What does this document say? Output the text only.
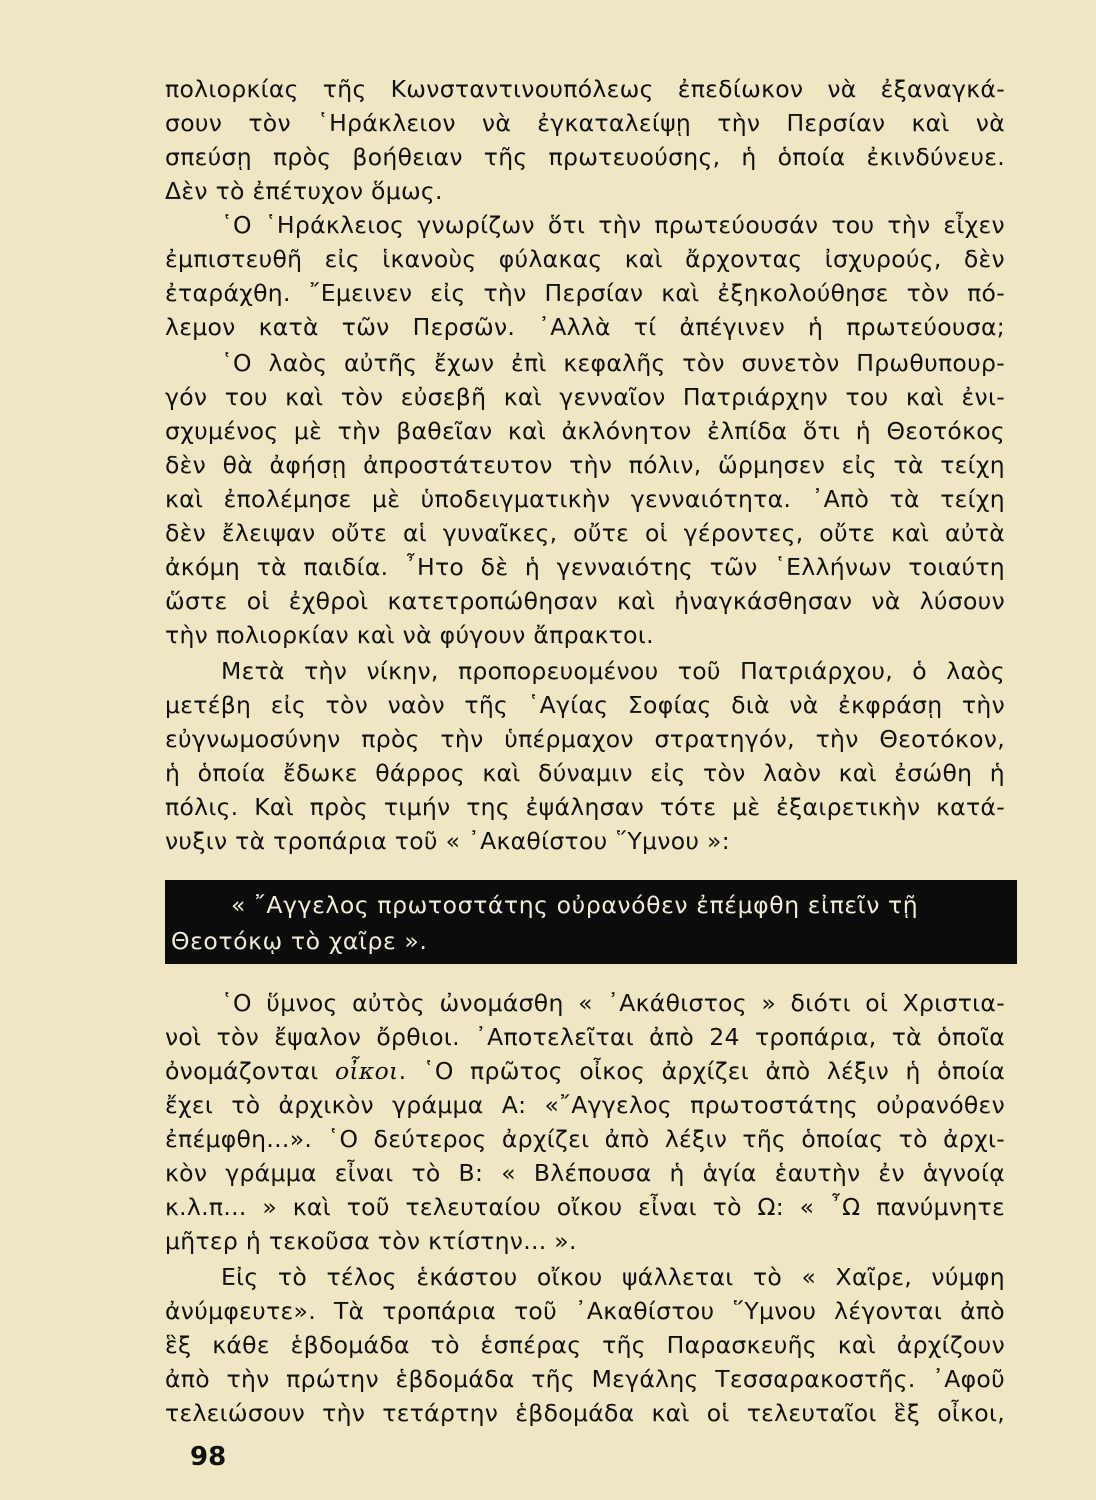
πολιορκίας τῆς Κωνσταντινουπόλεως ἐπεδίωκον νὰ ἐξαναγκά-
σουν τὸν ῾Ηράκλειον νὰ ἐγκαταλείψῃ τὴν Περσίαν καὶ νὰ
σπεύσῃ πρὸς βοήθειαν τῆς πρωτευούσης, ἡ ὁποία ἐκινδύνευε.
Δὲν τὸ ἐπέτυχον ὅμως.
῾Ο ῾Ηράκλειος γνωρίζων ὅτι τὴν πρωτεύουσάν του τὴν εἶχεν
ἐμπιστευθῆ εἰς ἱκανοὺς φύλακας καὶ ἄρχοντας ἰσχυρούς, δὲν
ἐταράχθη. ῎Εμεινεν εἰς τὴν Περσίαν καὶ ἐξηκολούθησε τὸν πό-
λεμον κατὰ τῶν Περσῶν. ᾿Αλλὰ τί ἀπέγινεν ἡ πρωτεύουσα;
῾Ο λαὸς αὐτῆς ἔχων ἐπὶ κεφαλῆς τὸν συνετὸν Πρωθυπουρ-
γόν του καὶ τὸν εὐσεβῆ καὶ γενναῖον Πατριάρχην του καὶ ἐνι-
σχυμένος μὲ τὴν βαθεῖαν καὶ ἀκλόνητον ἐλπίδα ὅτι ἡ Θεοτόκος
δὲν θὰ ἀφήσῃ ἀπροστάτευτον τὴν πόλιν, ὥρμησεν εἰς τὰ τείχη
καὶ ἐπολέμησε μὲ ὑποδειγματικὴν γενναιότητα. ᾿Απὸ τὰ τείχη
δὲν ἔλειψαν οὔτε αἱ γυναῖκες, οὔτε οἱ γέροντες, οὔτε καὶ αὐτὰ
ἀκόμη τὰ παιδία. ῏Ητο δὲ ἡ γενναιότης τῶν ῾Ελλήνων τοιαύτη
ὥστε οἱ ἐχθροὶ κατετροπώθησαν καὶ ἠναγκάσθησαν νὰ λύσουν
τὴν πολιορκίαν καὶ νὰ φύγουν ἄπρακτοι.
Μετὰ τὴν νίκην, προπορευομένου τοῦ Πατριάρχου, ὁ λαὸς
μετέβη εἰς τὸν ναὸν τῆς ῾Αγίας Σοφίας διὰ νὰ ἐκφράσῃ τὴν
εὐγνωμοσύνην πρὸς τὴν ὑπέρμαχον στρατηγόν, τὴν Θεοτόκον,
ἡ ὁποία ἔδωκε θάρρος καὶ δύναμιν εἰς τὸν λαὸν καὶ ἐσώθη ἡ
πόλις. Καὶ πρὸς τιμήν της ἐψάλησαν τότε μὲ ἐξαιρετικὴν κατά-
νυξιν τὰ τροπάρια τοῦ « ᾿Ακαθίστου ῞Υμνου »:
« ῎Αγγελος πρωτοστάτης οὐρανόθεν ἐπέμφθη εἰπεῖν τῇ
Θεοτόκῳ τὸ χαῖρε ».
῾Ο ὕμνος αὐτὸς ὠνομάσθη « ᾿Ακάθιστος » διότι οἱ Χριστια-
νοὶ τὸν ἔψαλον ὄρθιοι. ᾿Αποτελεῖται ἀπὸ 24 τροπάρια, τὰ ὁποῖα
ὀνομάζονται οἶκοι. ῾Ο πρῶτος οἶκος ἀρχίζει ἀπὸ λέξιν ἡ ὁποία
ἔχει τὸ ἀρχικὸν γράμμα Α: «῎Αγγελος πρωτοστάτης οὐρανόθεν
ἐπέμφθη...». ῾Ο δεύτερος ἀρχίζει ἀπὸ λέξιν τῆς ὁποίας τὸ ἀρχι-
κὸν γράμμα εἶναι τὸ Β: « Βλέπουσα ἡ ἁγία ἑαυτὴν ἐν ἁγνοίᾳ
κ.λ.π... » καὶ τοῦ τελευταίου οἴκου εἶναι τὸ Ω: « ῏Ω πανύμνητε
μῆτερ ἡ τεκοῦσα τὸν κτίστην... ».
Εἰς τὸ τέλος ἑκάστου οἴκου ψάλλεται τὸ « Χαῖρε, νύμφη
ἀνύμφευτε». Τὰ τροπάρια τοῦ ᾿Ακαθίστου ῞Υμνου λέγονται ἀπὸ
ἓξ κάθε ἑβδομάδα τὸ ἑσπέρας τῆς Παρασκευῆς καὶ ἀρχίζουν
ἀπὸ τὴν πρώτην ἑβδομάδα τῆς Μεγάλης Τεσσαρακοστῆς. ᾿Αφοῦ
τελειώσουν τὴν τετάρτην ἑβδομάδα καὶ οἱ τελευταῖοι ἓξ οἶκοι,
98
